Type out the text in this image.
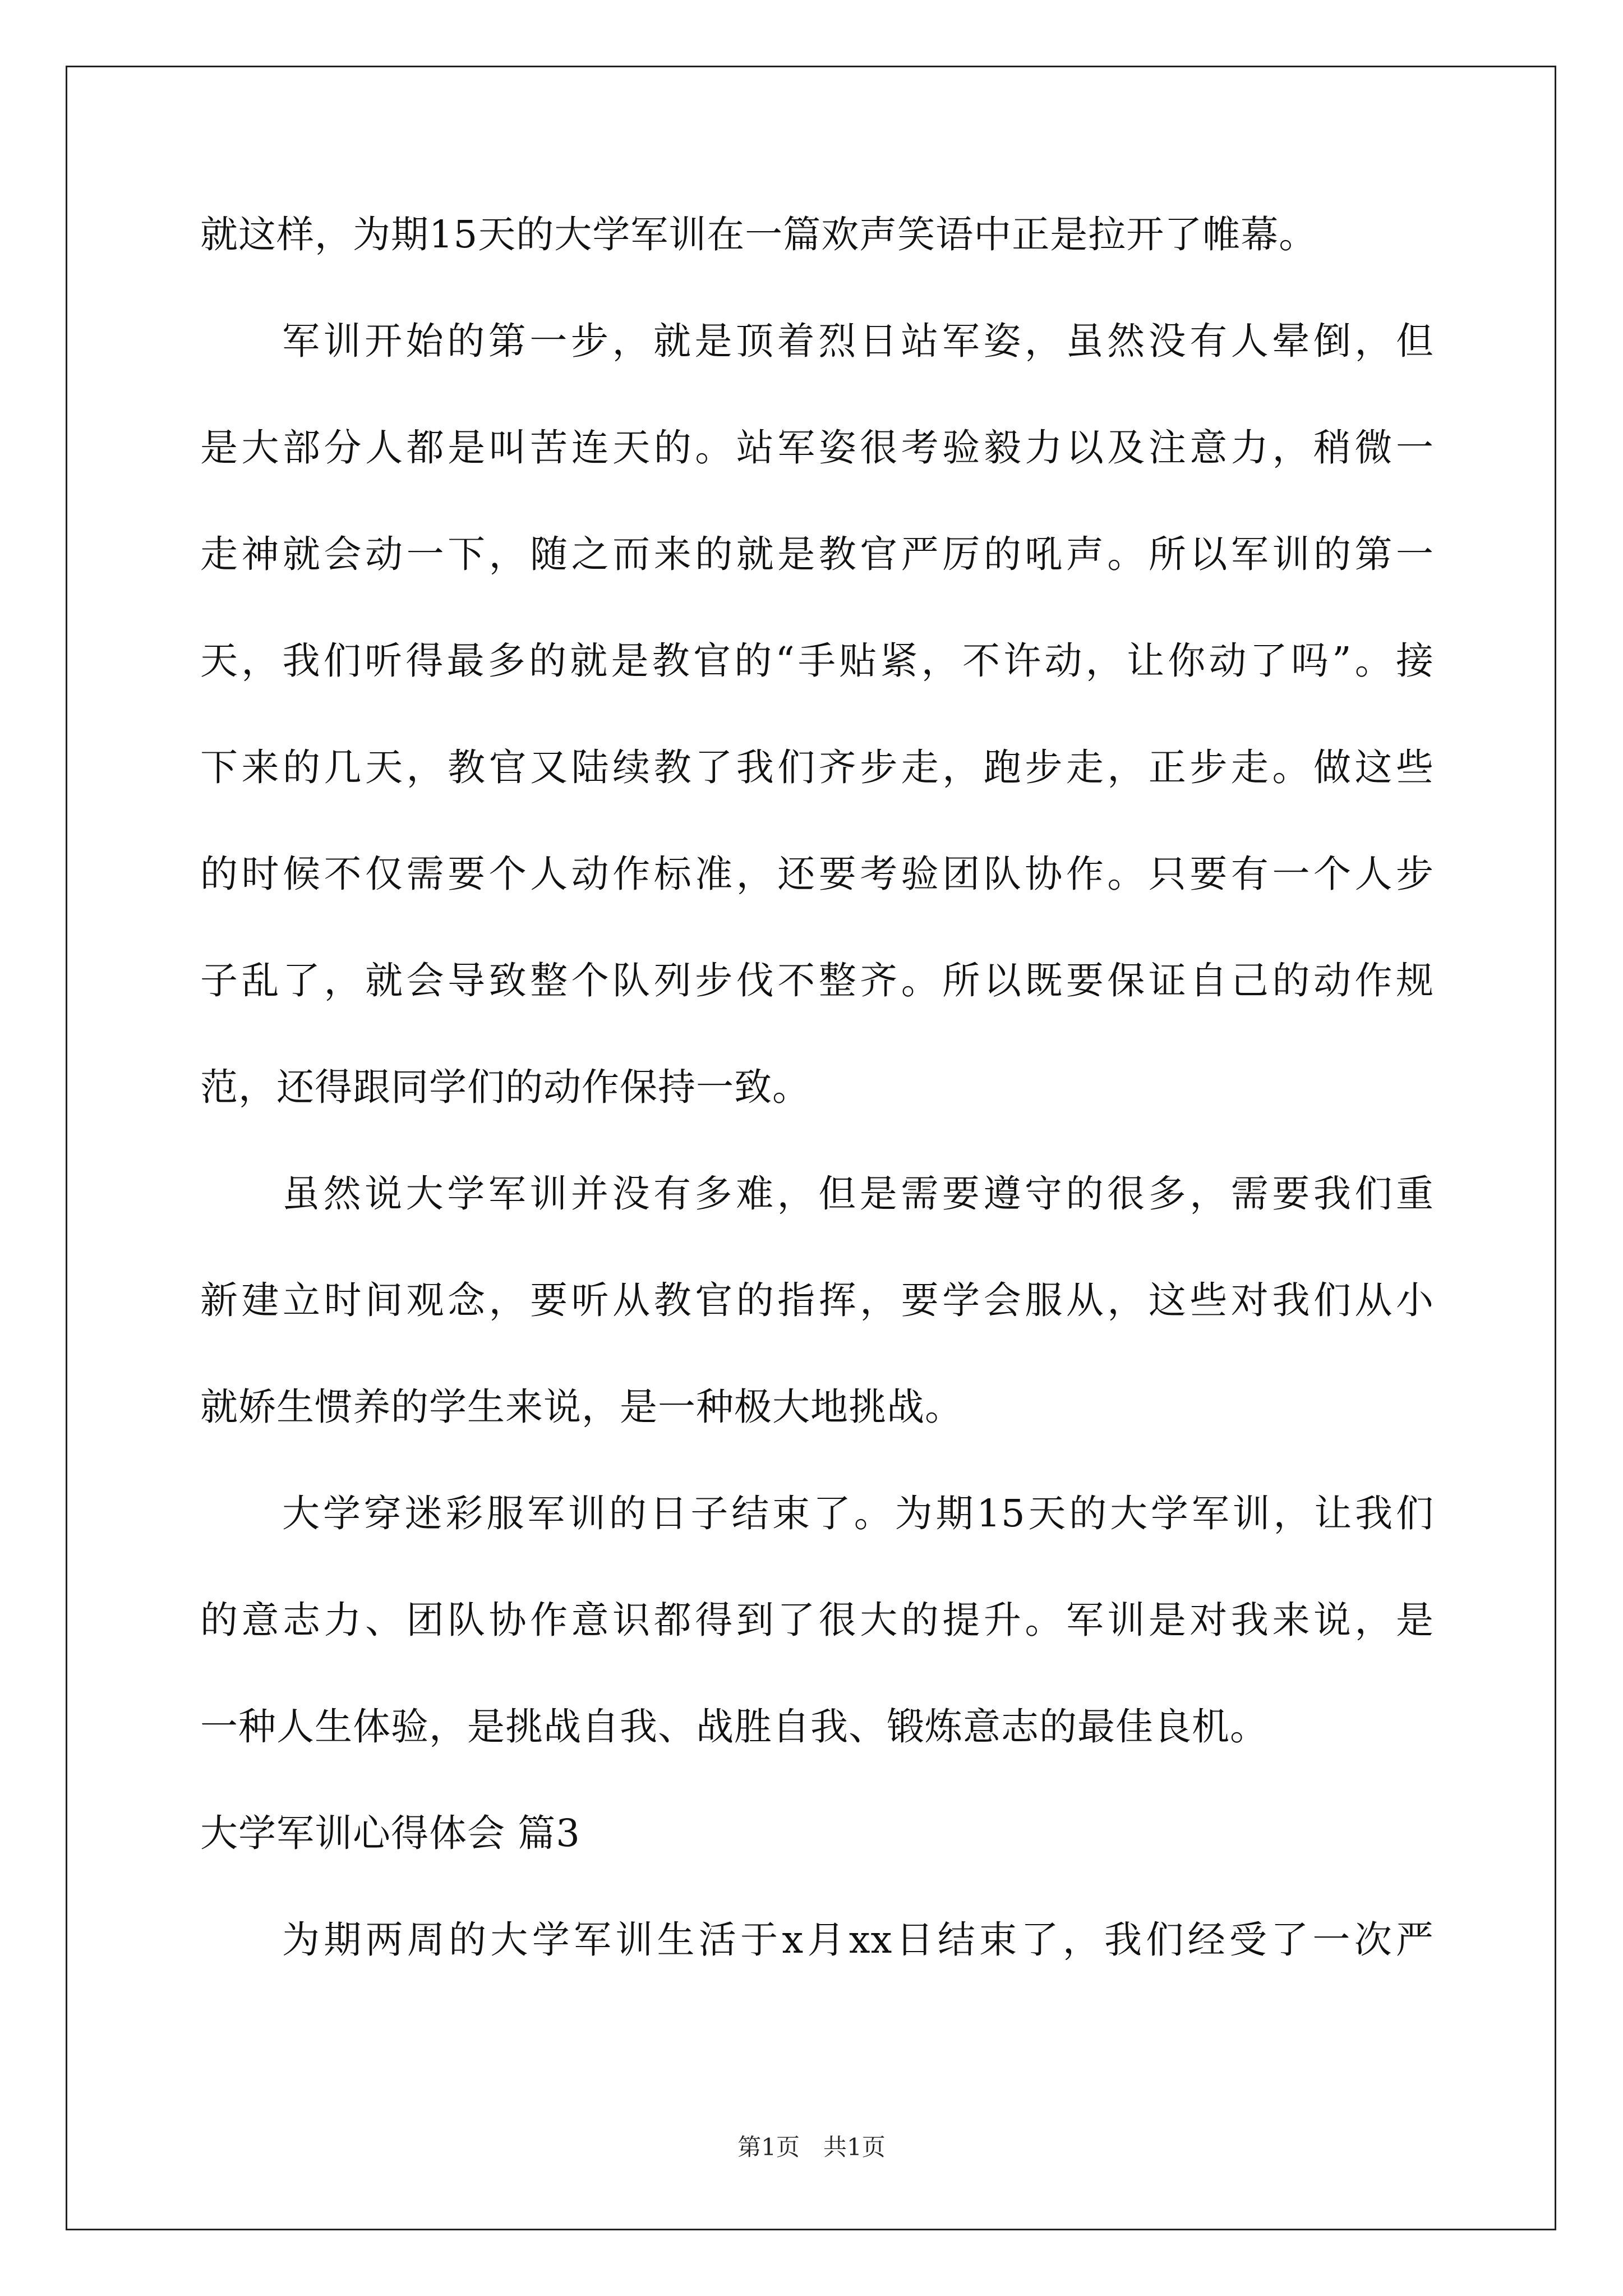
就这样，为期15天的大学军训在一篇欢声笑语中正是拉开了帷幕。
军训开始的第一步，就是顶着烈日站军姿，虽然没有人晕倒，但
是大部分人都是叫苦连天的。站军姿很考验毅力以及注意力，稍微一
走神就会动一下，随之而来的就是教官严厉的吼声。所以军训的第一
天，我们听得最多的就是教官的“手贴紧，不许动，让你动了吗”。接
下来的几天，教官又陆续教了我们齐步走，跑步走，正步走。做这些
的时候不仅需要个人动作标准，还要考验团队协作。只要有一个人步
子乱了，就会导致整个队列步伐不整齐。所以既要保证自己的动作规
范，还得跟同学们的动作保持一致。
虽然说大学军训并没有多难，但是需要遵守的很多，需要我们重
新建立时间观念，要听从教官的指挥，要学会服从，这些对我们从小
就娇生惯养的学生来说，是一种极大地挑战。
大学穿迷彩服军训的日子结束了。为期15天的大学军训，让我们
的意志力、团队协作意识都得到了很大的提升。军训是对我来说，是
一种人生体验，是挑战自我、战胜自我、锻炼意志的最佳良机。
大学军训心得体会 篇3
为期两周的大学军训生活于x月xx日结束了，我们经受了一次严
第1页 共1页
